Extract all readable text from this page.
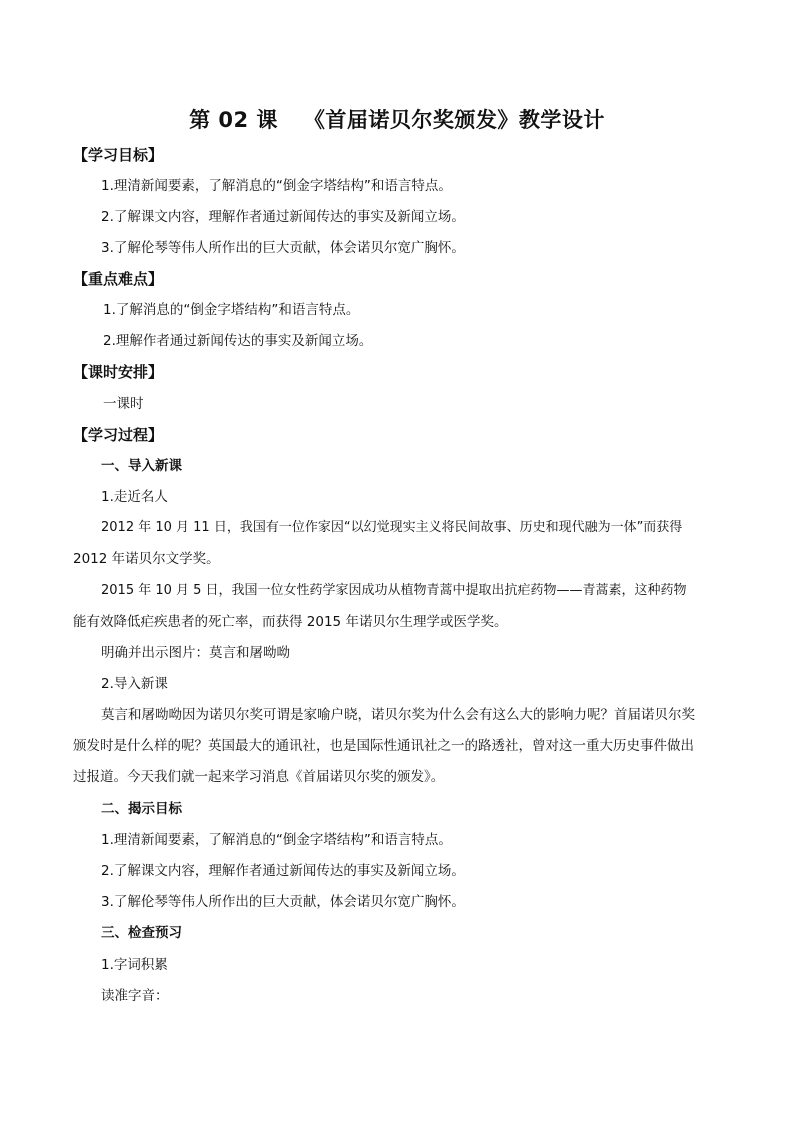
第 02 课 《首届诺贝尔奖颁发》教学设计
【学习目标】
1.理清新闻要素，了解消息的“倒金字塔结构”和语言特点。
2.了解课文内容，理解作者通过新闻传达的事实及新闻立场。
3.了解伦琴等伟人所作出的巨大贡献，体会诺贝尔宽广胸怀。
【重点难点】
1.了解消息的“倒金字塔结构”和语言特点。
2.理解作者通过新闻传达的事实及新闻立场。
【课时安排】
一课时
【学习过程】
一、导入新课
1.走近名人
2012 年 10 月 11 日，我国有一位作家因“以幻觉现实主义将民间故事、历史和现代融为一体”而获得
2012 年诺贝尔文学奖。
2015 年 10 月 5 日，我国一位女性药学家因成功从植物青蒿中提取出抗疟药物——青蒿素，这种药物
能有效降低疟疾患者的死亡率，而获得 2015 年诺贝尔生理学或医学奖。
明确并出示图片：莫言和屠呦呦
2.导入新课
莫言和屠呦呦因为诺贝尔奖可谓是家喻户晓，诺贝尔奖为什么会有这么大的影响力呢？首届诺贝尔奖
颁发时是什么样的呢？英国最大的通讯社，也是国际性通讯社之一的路透社，曾对这一重大历史事件做出
过报道。今天我们就一起来学习消息《首届诺贝尔奖的颁发》。
二、揭示目标
1.理清新闻要素，了解消息的“倒金字塔结构”和语言特点。
2.了解课文内容，理解作者通过新闻传达的事实及新闻立场。
3.了解伦琴等伟人所作出的巨大贡献，体会诺贝尔宽广胸怀。
三、检查预习
1.字词积累
读准字音：
